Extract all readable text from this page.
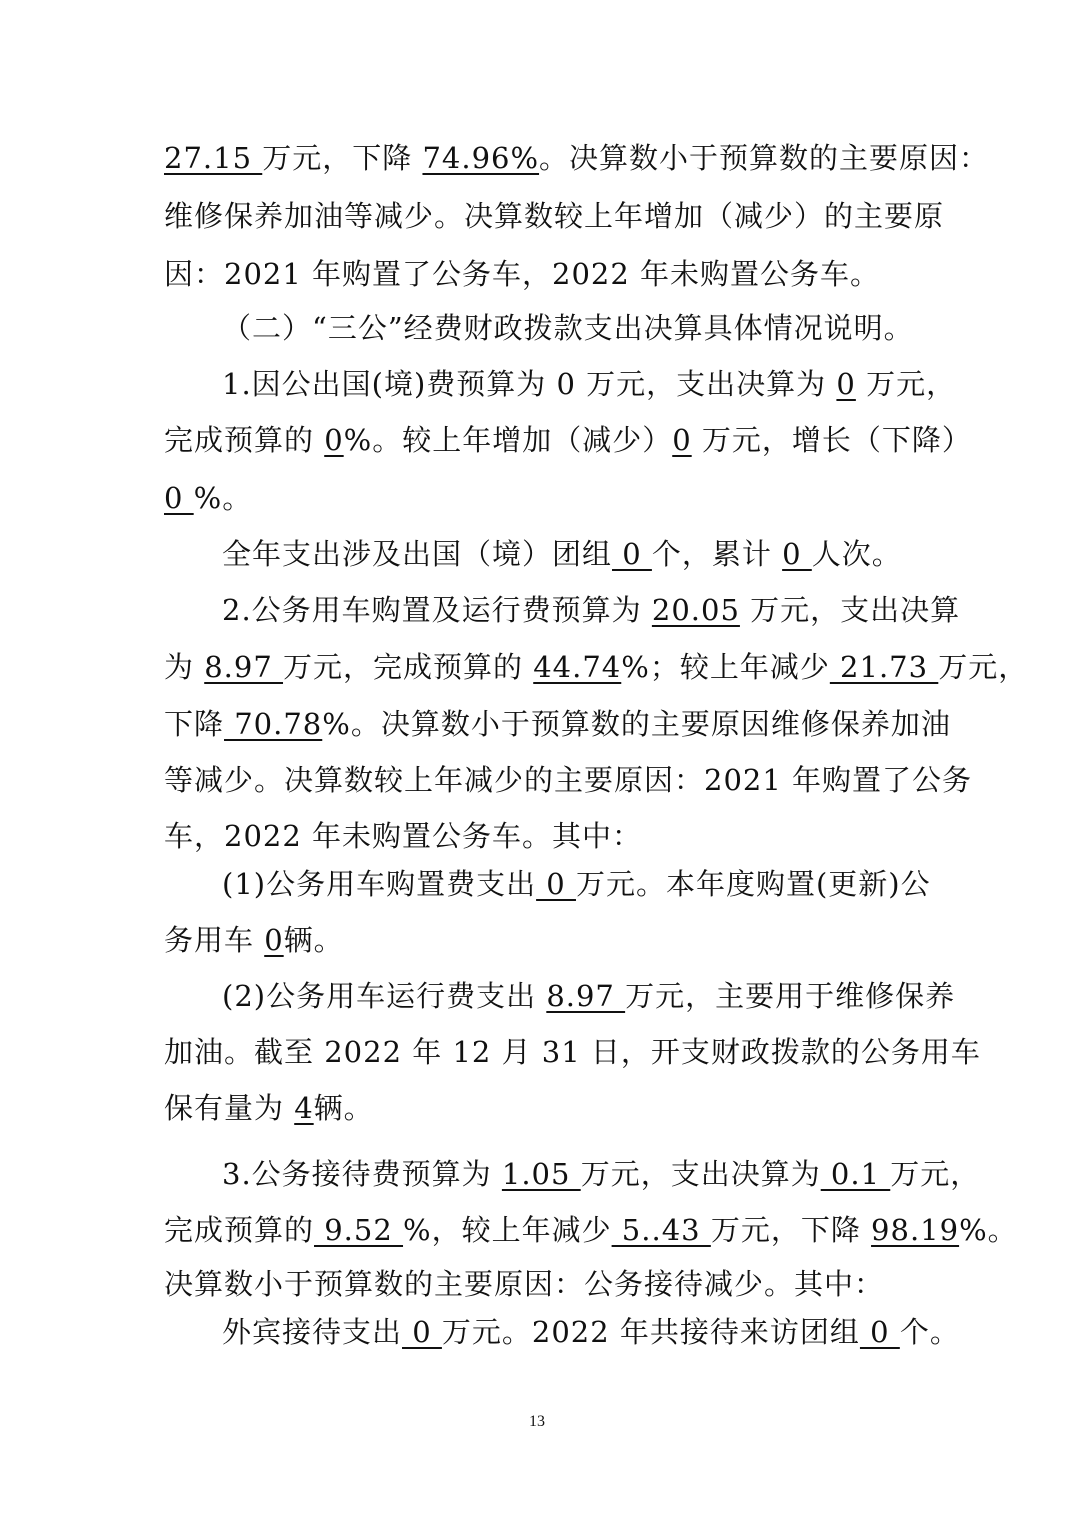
27.15 万元，下降 74.96%。决算数小于预算数的主要原因：
维修保养加油等减少。决算数较上年增加（减少）的主要原
因：2021 年购置了公务车，2022 年未购置公务车。
（二）“三公”经费财政拨款支出决算具体情况说明。
1.因公出国(境)费预算为 0 万元，支出决算为 0 万元，
完成预算的 0%。较上年增加（减少）0 万元，增长（下降）
0 %。
全年支出涉及出国（境）团组 0 个，累计 0 人次。
2.公务用车购置及运行费预算为 20.05 万元，支出决算
为 8.97 万元，完成预算的 44.74%；较上年减少 21.73 万元，
下降 70.78%。决算数小于预算数的主要原因维修保养加油
等减少。决算数较上年减少的主要原因：2021 年购置了公务
车，2022 年未购置公务车。其中：
(1)公务用车购置费支出 0 万元。本年度购置(更新)公
务用车 0辆。
(2)公务用车运行费支出 8.97 万元，主要用于维修保养
加油。截至 2022 年 12 月 31 日，开支财政拨款的公务用车
保有量为 4辆。
3.公务接待费预算为 1.05 万元，支出决算为 0.1 万元，
完成预算的 9.52 %，较上年减少 5..43 万元，下降 98.19%。
决算数小于预算数的主要原因：公务接待减少。其中：
外宾接待支出 0 万元。2022 年共接待来访团组 0 个。
13
